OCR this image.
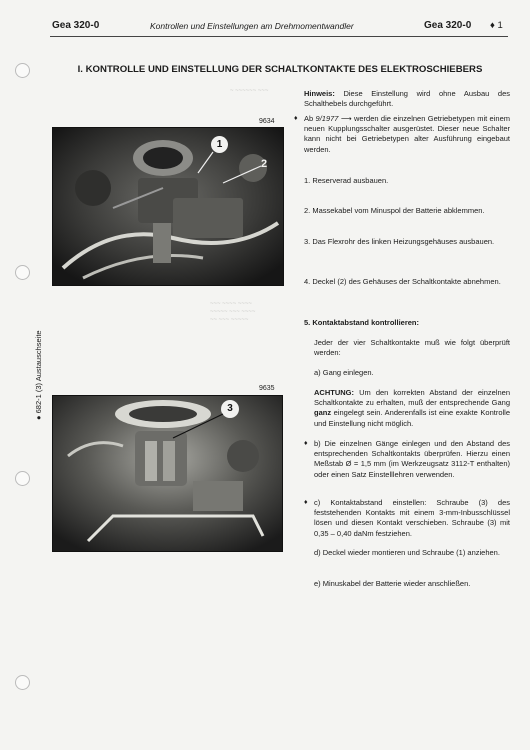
Gea 320-0	Kontrollen und Einstellungen am Drehmomentwandler	Gea 320-0 ♦ 1
● 682-1 (3) Austauschseite
I. KONTROLLE UND EINSTELLUNG DER SCHALTKONTAKTE DES ELEKTROSCHIEBERS
9634
1
2
9635
3
~ ~~~~~~ ~~~
~~~ ~~~~ ~~~~
~~~~~ ~~~ ~~~~
~~ ~~~ ~~~~~
Hinweis: Diese Einstellung wird ohne Ausbau des Schalthebels durchgeführt.
♦ Ab 9/1977 ⟶ werden die einzelnen Getriebetypen mit einem neuen Kupplungsschalter ausgerüstet. Dieser neue Schalter kann nicht bei Getriebetypen alter Ausführung eingebaut werden.
1. Reserverad ausbauen.
2. Massekabel vom Minuspol der Batterie abklemmen.
3. Das Flexrohr des linken Heizungsgehäuses ausbauen.
4. Deckel (2) des Gehäuses der Schaltkontakte abnehmen.
5. Kontaktabstand kontrollieren:
Jeder der vier Schaltkontakte muß wie folgt überprüft werden:
a) Gang einlegen.
ACHTUNG: Um den korrekten Abstand der einzelnen Schaltkontakte zu erhalten, muß der entsprechende Gang ganz eingelegt sein. Anderenfalls ist eine exakte Kontrolle und Einstellung nicht möglich.
♦ b) Die einzelnen Gänge einlegen und den Abstand des entsprechenden Schaltkontakts überprüfen. Hierzu einen Meßstab Ø = 1,5 mm (im Werkzeugsatz 3112-T enthalten) oder einen Satz Einstelllehren verwenden.
♦ c) Kontaktabstand einstellen: Schraube (3) des feststehenden Kontakts mit einem 3-mm-Inbusschlüssel lösen und diesen Kontakt verschieben. Schraube (3) mit 0,35 – 0,40 daNm festziehen.
d) Deckel wieder montieren und Schraube (1) anziehen.
e) Minuskabel der Batterie wieder anschließen.
